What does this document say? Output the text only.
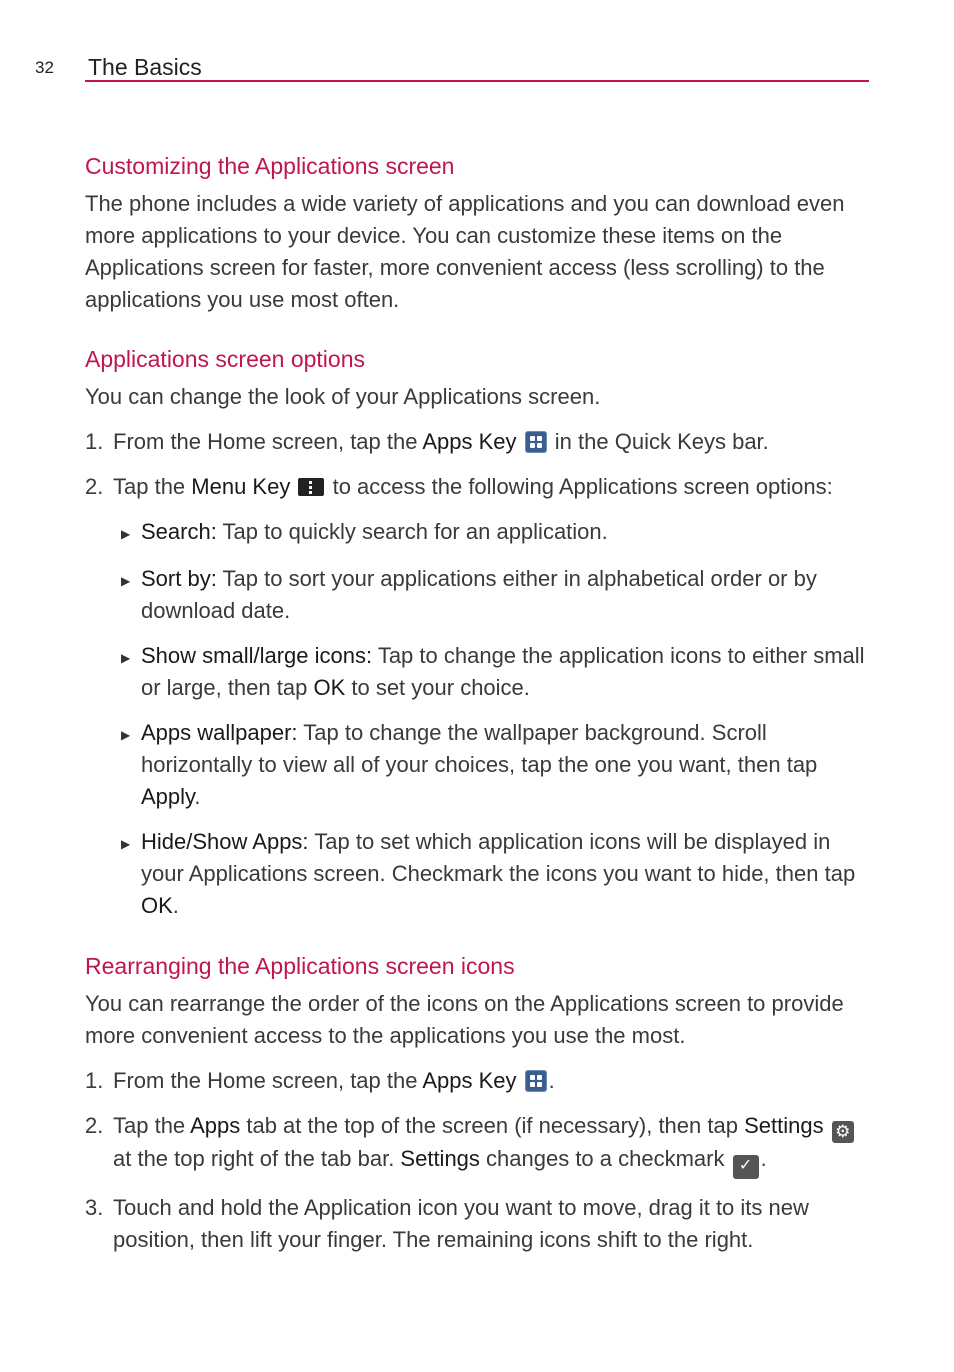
32 The Basics
Customizing the Applications screen

The phone includes a wide variety of applications and you can download even more applications to your device. You can customize these items on the Applications screen for faster, more convenient access (less scrolling) to the applications you use most often.

Applications screen options

You can change the look of your Applications screen.

1. From the Home screen, tap the Apps Key
in the Quick Keys bar.
2. Tap the Menu Key
to access the following Applications screen options:
▶ Search: Tap to quickly search for an application.
▶ Sort by: Tap to sort your applications either in alphabetical order or by download date.
▶ Show small/large icons: Tap to change the application icons to either small or large, then tap OK to set your choice.
▶ Apps wallpaper: Tap to change the wallpaper background. Scroll horizontally to view all of your choices, tap the one you want, then tap Apply.
▶ Hide/Show Apps: Tap to set which application icons will be displayed in your Applications screen. Checkmark the icons you want to hide, then tap OK.
Rearranging the Applications screen icons

You can rearrange the order of the icons on the Applications screen to provide more convenient access to the applications you use the most.

1. From the Home screen, tap the Apps Key .
2. Tap the Apps tab at the top of the screen (if necessary), then tap Settings ⚙ at the top right of the tab bar. Settings changes to a checkmark ✓ .
3. Touch and hold the Application icon you want to move, drag it to its new position, then lift your finger. The remaining icons shift to the right.
